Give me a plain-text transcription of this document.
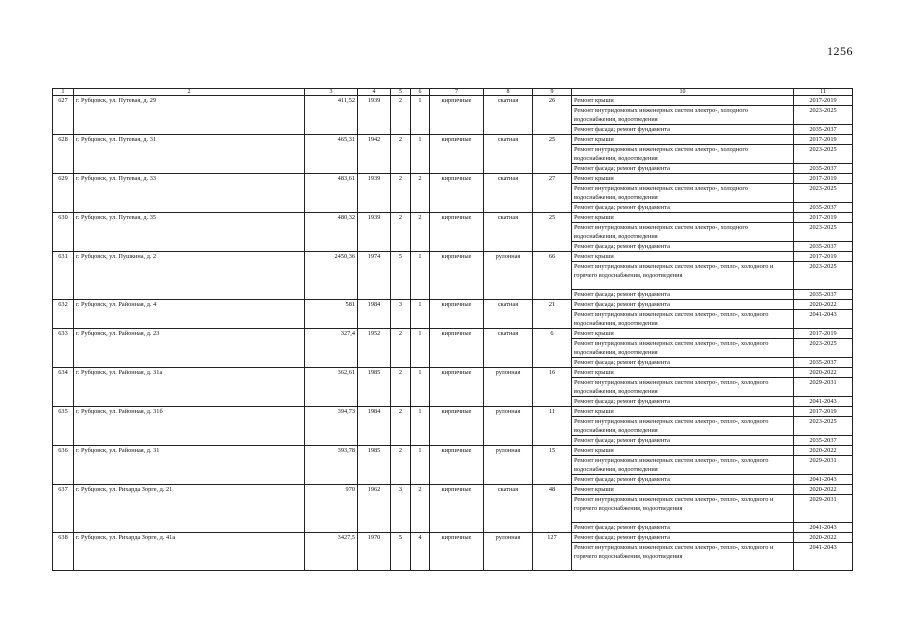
1256
1	2	3	4	5	6	7	8	9	10	11
627	г. Рубцовск, ул. Путевая, д. 29	411,52	1939	2	1	кирпичные	скатная	26	Ремонт крыши	2017-2019
									Ремонт внутридомовых инженерных систем электро-, холодного водоснабжения, водоотведения	2023-2025
									Ремонт фасада; ремонт фундамента	2035-2037
628	г. Рубцовск, ул. Путевая, д. 31	465,31	1942	2	1	кирпичные	скатная	25	Ремонт крыши	2017-2019
									Ремонт внутридомовых инженерных систем электро-, холодного водоснабжения, водоотведения	2023-2025
									Ремонт фасада; ремонт фундамента	2035-2037
629	г. Рубцовск, ул. Путевая, д. 33	483,61	1939	2	2	кирпичные	скатная	27	Ремонт крыши	2017-2019
									Ремонт внутридомовых инженерных систем электро-, холодного водоснабжения, водоотведения	2023-2025
									Ремонт фасада; ремонт фундамента	2035-2037
630	г. Рубцовск, ул. Путевая, д. 35	480,32	1939	2	2	кирпичные	скатная	25	Ремонт крыши	2017-2019
									Ремонт внутридомовых инженерных систем электро-, холодного водоснабжения, водоотведения	2023-2025
									Ремонт фасада; ремонт фундамента	2035-2037
631	г. Рубцовск, ул. Пушкина, д. 2	2450,36	1974	5	1	кирпичные	рулонная	66	Ремонт крыши	2017-2019
									Ремонт внутридомовых инженерных систем электро-, тепло-, холодного и горячего водоснабжения, водоотведения	2023-2025
									Ремонт фасада; ремонт фундамента	2035-2037
632	г. Рубцовск, ул. Районная, д. 4	581	1984	3	1	кирпичные	скатная	21	Ремонт фасада; ремонт фундамента	2020-2022
									Ремонт внутридомовых инженерных систем электро-, тепло-, холодного водоснабжения, водоотведения	2041-2043
633	г. Рубцовск, ул. Районная, д. 23	327,4	1952	2	1	кирпичные	скатная	6	Ремонт крыши	2017-2019
									Ремонт внутридомовых инженерных систем электро-, тепло-, холодного водоснабжения, водоотведения	2023-2025
									Ремонт фасада; ремонт фундамента	2035-2037
634	г. Рубцовск, ул. Районная, д. 31а	362,61	1985	2	1	кирпичные	рулонная	16	Ремонт крыши	2020-2022
									Ремонт внутридомовых инженерных систем электро-, тепло-, холодного водоснабжения, водоотведения	2029-2031
									Ремонт фасада; ремонт фундамента	2041-2043
635	г. Рубцовск, ул. Районная, д. 31б	394,73	1984	2	1	кирпичные	рулонная	11	Ремонт крыши	2017-2019
									Ремонт внутридомовых инженерных систем электро-, тепло-, холодного водоснабжения, водоотведения	2023-2025
									Ремонт фасада; ремонт фундамента	2035-2037
636	г. Рубцовск, ул. Районная, д. 31	393,78	1985	2	1	кирпичные	рулонная	15	Ремонт крыши	2020-2022
									Ремонт внутридомовых инженерных систем электро-, тепло-, холодного водоснабжения, водоотведения	2029-2031
									Ремонт фасада; ремонт фундамента	2041-2043
637	г. Рубцовск, ул. Рихарда Зорге, д. 21	970	1962	3	2	кирпичные	скатная	48	Ремонт крыши	2020-2022
									Ремонт внутридомовых инженерных систем электро-, тепло-, холодного и горячего водоснабжения, водоотведения	2029-2031
									Ремонт фасада; ремонт фундамента	2041-2043
638	г. Рубцовск, ул. Рихарда Зорге, д. 41а	3427,5	1970	5	4	кирпичные	рулонная	127	Ремонт фасада; ремонт фундамента	2020-2022
									Ремонт внутридомовых инженерных систем электро-, тепло-, холодного и горячего водоснабжения, водоотведения	2041-2043
